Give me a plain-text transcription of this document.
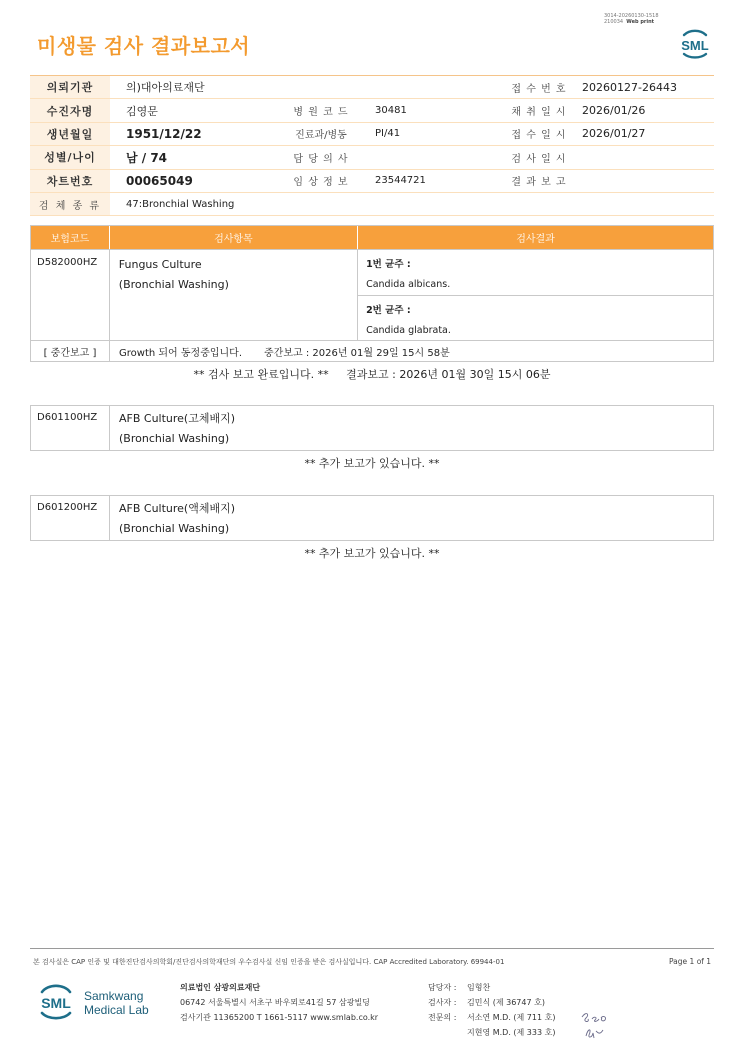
미생물 검사 결과보고서
3014-20260130-1518
210034 Web print
SML
의뢰기관	의)대아의료재단	접 수 번 호	20260127-26443
수진자명	김영문	병 원 코 드	30481	채 취 일 시	2026/01/26
생년월일	1951/12/22	진료과/병동	PI/41	접 수 일 시	2026/01/27
성별/나이	남 / 74	담 당 의 사	검 사 일 시
차트번호	00065049	임 상 정 보	23544721	결 과 보 고
검 체 종 류	47:Bronchial Washing
보험코드	검사항목	검사결과
D582000HZ	Fungus Culture
(Bronchial Washing)
1번 균주 :
Candida albicans.
2번 균주 :
Candida glabrata.
[ 중간보고 ]	Growth 되어 동정중입니다. 중간보고 : 2026년 01월 29일 15시 58분
** 검사 보고 완료입니다. ** 결과보고 : 2026년 01월 30일 15시 06분
D601100HZ	AFB Culture(고체배지)
(Bronchial Washing)
** 추가 보고가 있습니다. **
D601200HZ	AFB Culture(액체배지)
(Bronchial Washing)
** 추가 보고가 있습니다. **
본 검사실은 CAP 인증 및 대한진단검사의학회/진단검사의학재단의 우수검사실 신임 인증을 받은 검사실입니다. CAP Accredited Laboratory. 69944-01	Page 1 of 1
SML Samkwang
Medical Lab
의료법인 삼광의료재단
06742 서울특별시 서초구 바우뫼로41길 57 삼광빌딩
검사기관 11365200 T 1661-5117 www.smlab.co.kr
담당자 :	임형찬
검사자 :	김민식 (제 36747 호)
전문의 :	서소연 M.D. (제 711 호)
지현영 M.D. (제 333 호)
